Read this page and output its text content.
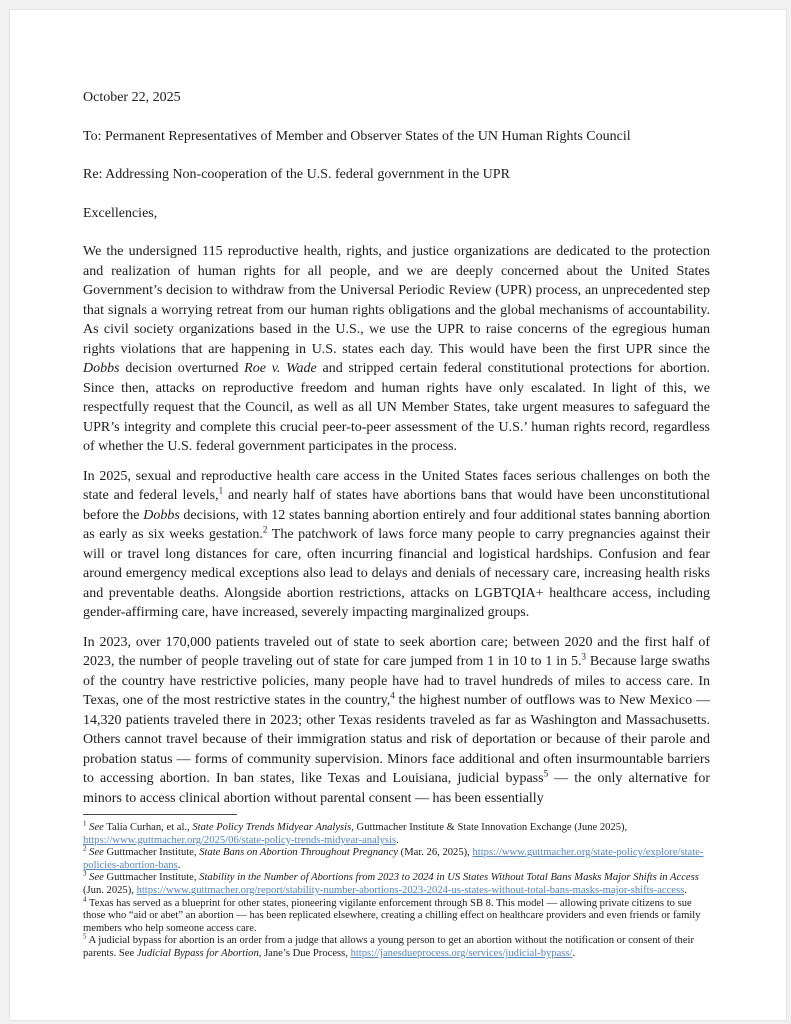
October 22, 2025

To: Permanent Representatives of Member and Observer States of the UN Human Rights Council

Re: Addressing Non-cooperation of the U.S. federal government in the UPR

Excellencies,

We the undersigned 115 reproductive health, rights, and justice organizations are dedicated to the protection and realization of human rights for all people, and we are deeply concerned about the United States Government’s decision to withdraw from the Universal Periodic Review (UPR) process, an unprecedented step that signals a worrying retreat from our human rights obligations and the global mechanisms of accountability. As civil society organizations based in the U.S., we use the UPR to raise concerns of the egregious human rights violations that are happening in U.S. states each day. This would have been the first UPR since the Dobbs decision overturned Roe v. Wade and stripped certain federal constitutional protections for abortion. Since then, attacks on reproductive freedom and human rights have only escalated. In light of this, we respectfully request that the Council, as well as all UN Member States, take urgent measures to safeguard the UPR’s integrity and complete this crucial peer-to-peer assessment of the U.S.’ human rights record, regardless of whether the U.S. federal government participates in the process.

In 2025, sexual and reproductive health care access in the United States faces serious challenges on both the state and federal levels,$^1$ and nearly half of states have abortions bans that would have been unconstitutional before the Dobbs decisions, with 12 states banning abortion entirely and four additional states banning abortion as early as six weeks gestation.$^2$ The patchwork of laws force many people to carry pregnancies against their will or travel long distances for care, often incurring financial and logistical hardships. Confusion and fear around emergency medical exceptions also lead to delays and denials of necessary care, increasing health risks and preventable deaths. Alongside abortion restrictions, attacks on LGBTQIA+ healthcare access, including gender-affirming care, have increased, severely impacting marginalized groups.

In 2023, over 170,000 patients traveled out of state to seek abortion care; between 2020 and the first half of 2023, the number of people traveling out of state for care jumped from 1 in 10 to 1 in 5.$^3$ Because large swaths of the country have restrictive policies, many people have had to travel hundreds of miles to access care. In Texas, one of the most restrictive states in the country,$^4$ the highest number of outflows was to New Mexico — 14,320 patients traveled there in 2023; other Texas residents traveled as far as Washington and Massachusetts. Others cannot travel because of their immigration status and risk of deportation or because of their parole and probation status — forms of community supervision. Minors face additional and often insurmountable barriers to accessing abortion. In ban states, like Texas and Louisiana, judicial bypass$^5$ — the only alternative for minors to access clinical abortion without parental consent — has been essentially

$^1$ See Talia Curhan, et al., State Policy Trends Midyear Analysis, Guttmacher Institute & State Innovation Exchange (June 2025), https://www.guttmacher.org/2025/06/state-policy-trends-midyear-analysis.
$^2$ See Guttmacher Institute, State Bans on Abortion Throughout Pregnancy (Mar. 26, 2025), https://www.guttmacher.org/state-policy/explore/state-policies-abortion-bans.
$^3$ See Guttmacher Institute, Stability in the Number of Abortions from 2023 to 2024 in US States Without Total Bans Masks Major Shifts in Access (Jun. 2025), https://www.guttmacher.org/report/stability-number-abortions-2023-2024-us-states-without-total-bans-masks-major-shifts-access.
$^4$ Texas has served as a blueprint for other states, pioneering vigilante enforcement through SB 8. This model — allowing private citizens to sue those who “aid or abet” an abortion — has been replicated elsewhere, creating a chilling effect on healthcare providers and even friends or family members who help someone access care.
$^5$ A judicial bypass for abortion is an order from a judge that allows a young person to get an abortion without the notification or consent of their parents. See Judicial Bypass for Abortion, Jane’s Due Process, https://janesdueprocess.org/services/judicial-bypass/.
